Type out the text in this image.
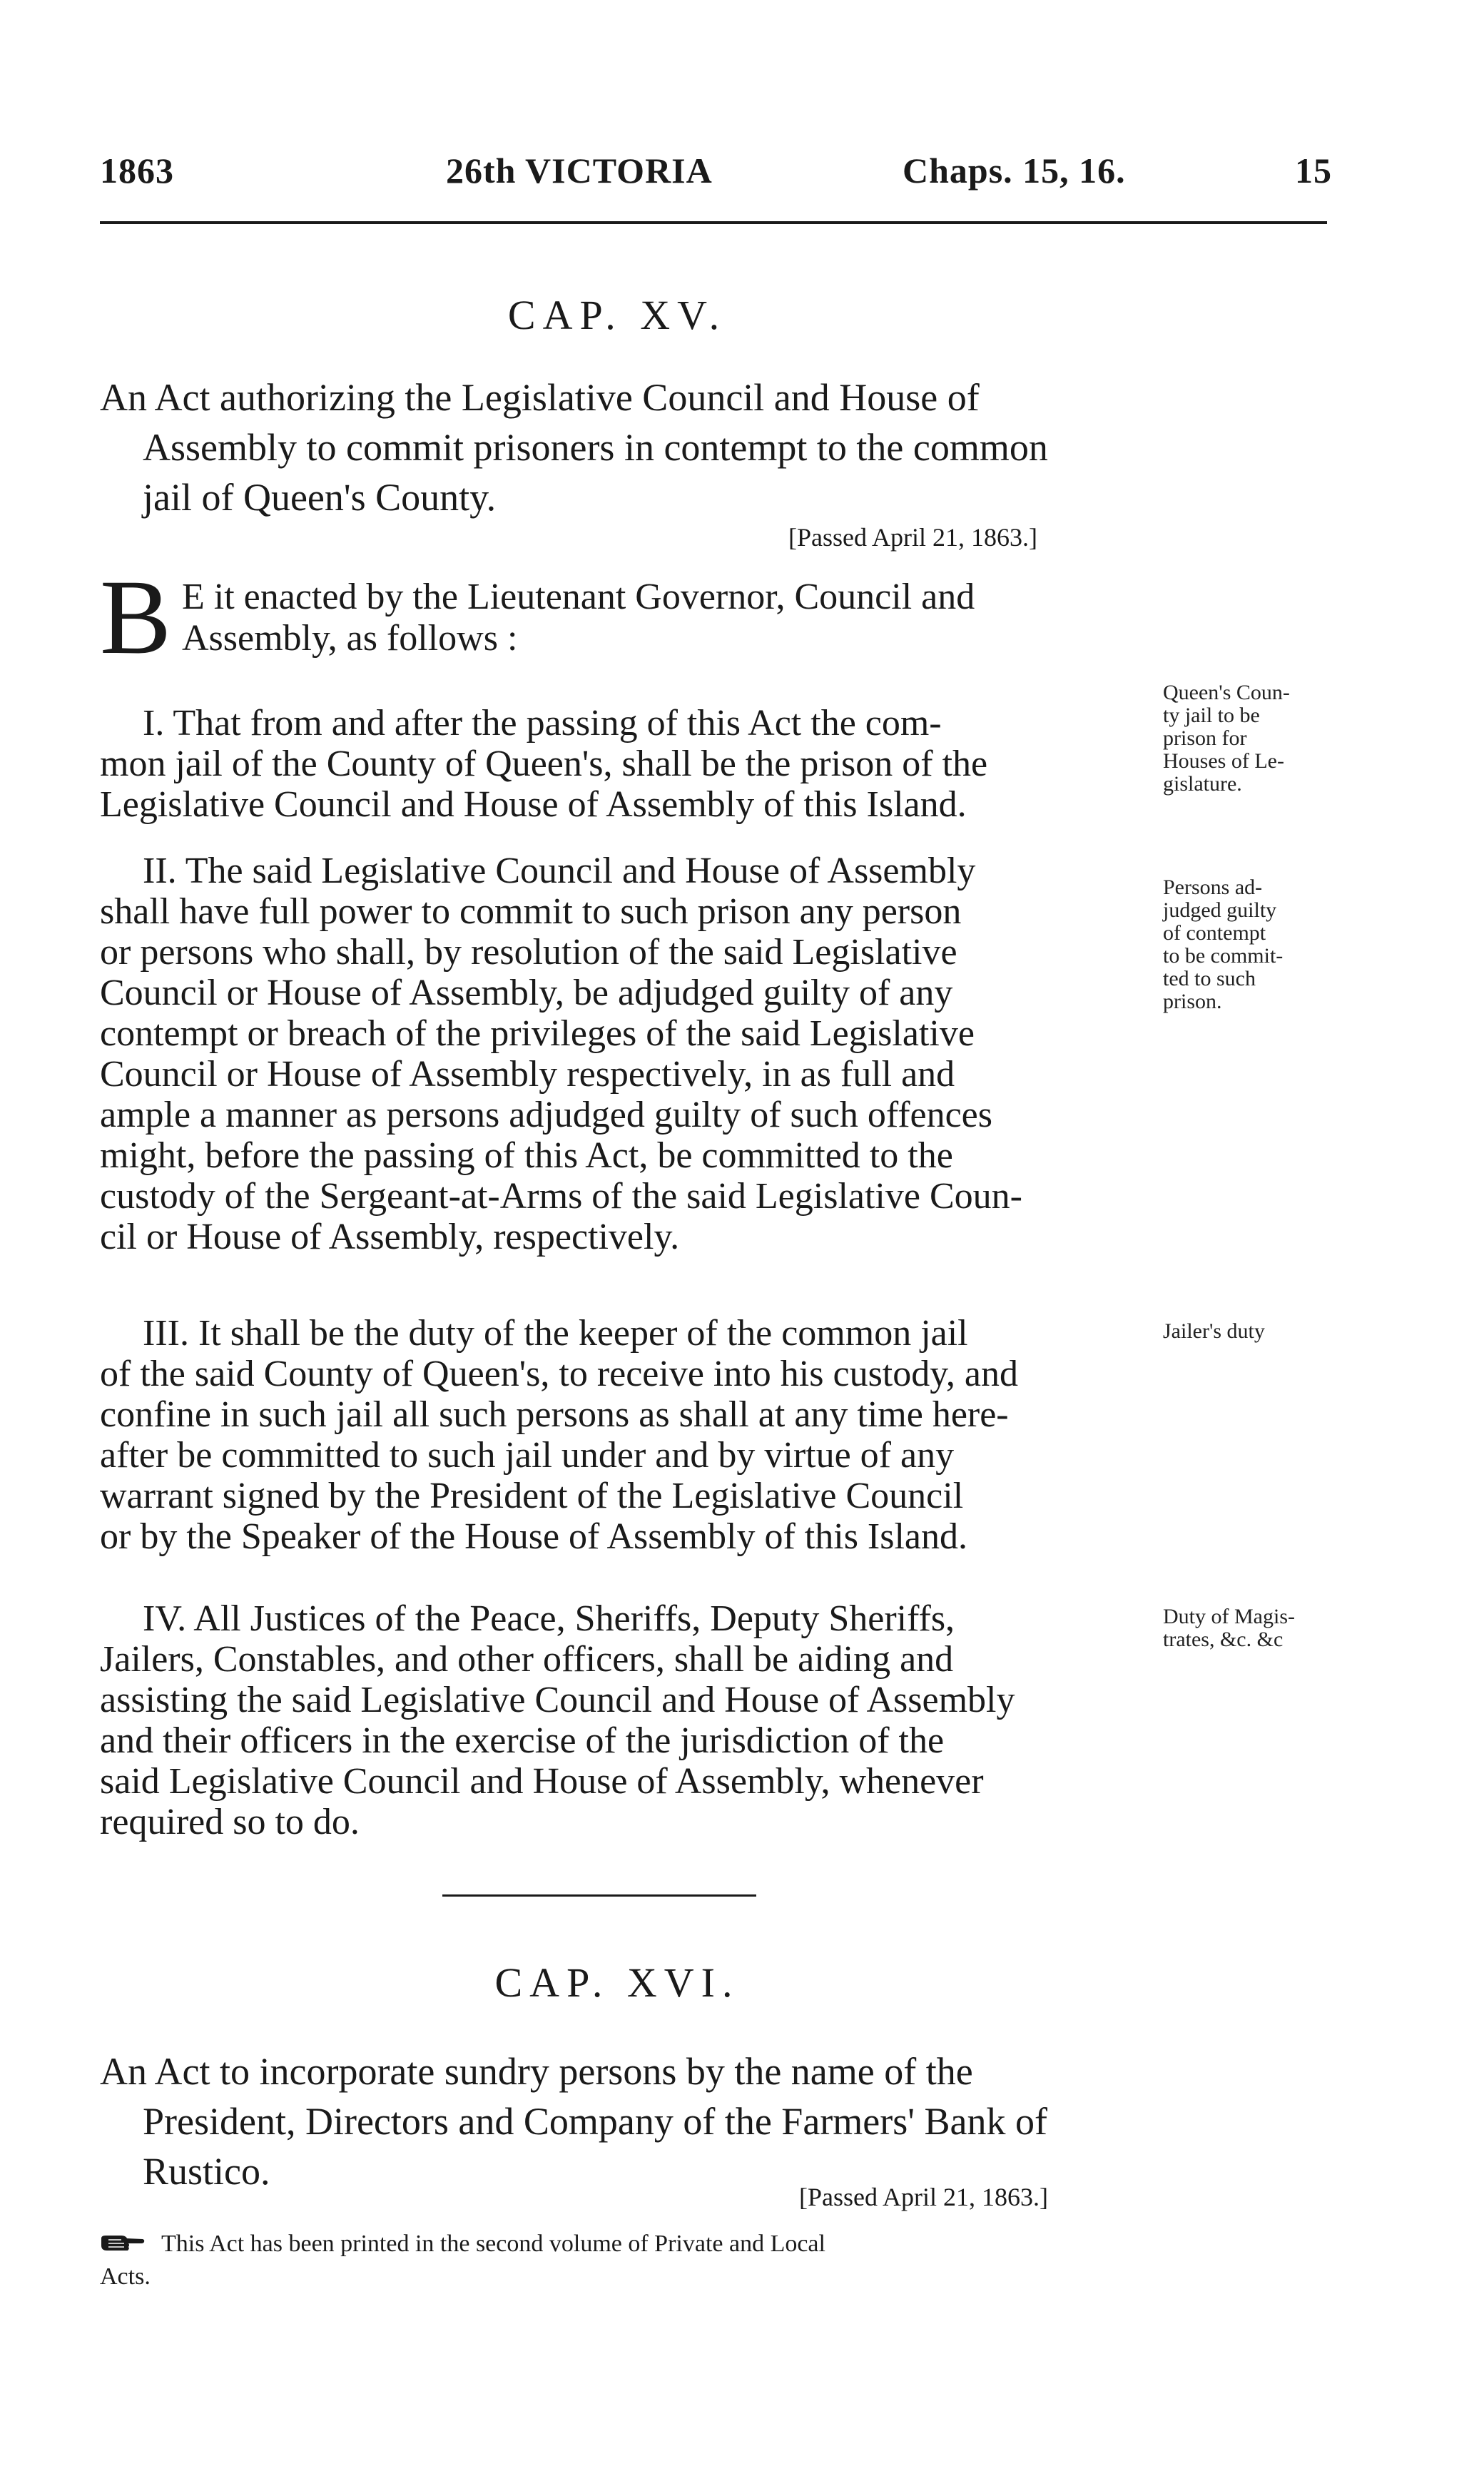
1863	26th VICTORIA	Chaps. 15, 16.	15
CAP. XV.
An Act authorizing the Legislative Council and House of
Assembly to commit prisoners in contempt to the common
jail of Queen's County.
[Passed April 21, 1863.]
B E it enacted by the Lieutenant Governor, Council and
Assembly, as follows :
I. That from and after the passing of this Act the com-
mon jail of the County of Queen's, shall be the prison of the
Legislative Council and House of Assembly of this Island.
Queen's Coun-
ty jail to be
prison for
Houses of Le-
gislature.
II. The said Legislative Council and House of Assembly
shall have full power to commit to such prison any person
or persons who shall, by resolution of the said Legislative
Council or House of Assembly, be adjudged guilty of any
contempt or breach of the privileges of the said Legislative
Council or House of Assembly respectively, in as full and
ample a manner as persons adjudged guilty of such offences
might, before the passing of this Act, be committed to the
custody of the Sergeant-at-Arms of the said Legislative Coun-
cil or House of Assembly, respectively.
Persons ad-
judged guilty
of contempt
to be commit-
ted to such
prison.
III. It shall be the duty of the keeper of the common jail
of the said County of Queen's, to receive into his custody, and
confine in such jail all such persons as shall at any time here-
after be committed to such jail under and by virtue of any
warrant signed by the President of the Legislative Council
or by the Speaker of the House of Assembly of this Island.
Jailer's duty
IV. All Justices of the Peace, Sheriffs, Deputy Sheriffs,
Jailers, Constables, and other officers, shall be aiding and
assisting the said Legislative Council and House of Assembly
and their officers in the exercise of the jurisdiction of the
said Legislative Council and House of Assembly, whenever
required so to do.
Duty of Magis-
trates, &c. &c
CAP. XVI.
An Act to incorporate sundry persons by the name of the
President, Directors and Company of the Farmers' Bank of
Rustico.
[Passed April 21, 1863.]
This Act has been printed in the second volume of Private and Local
Acts.
